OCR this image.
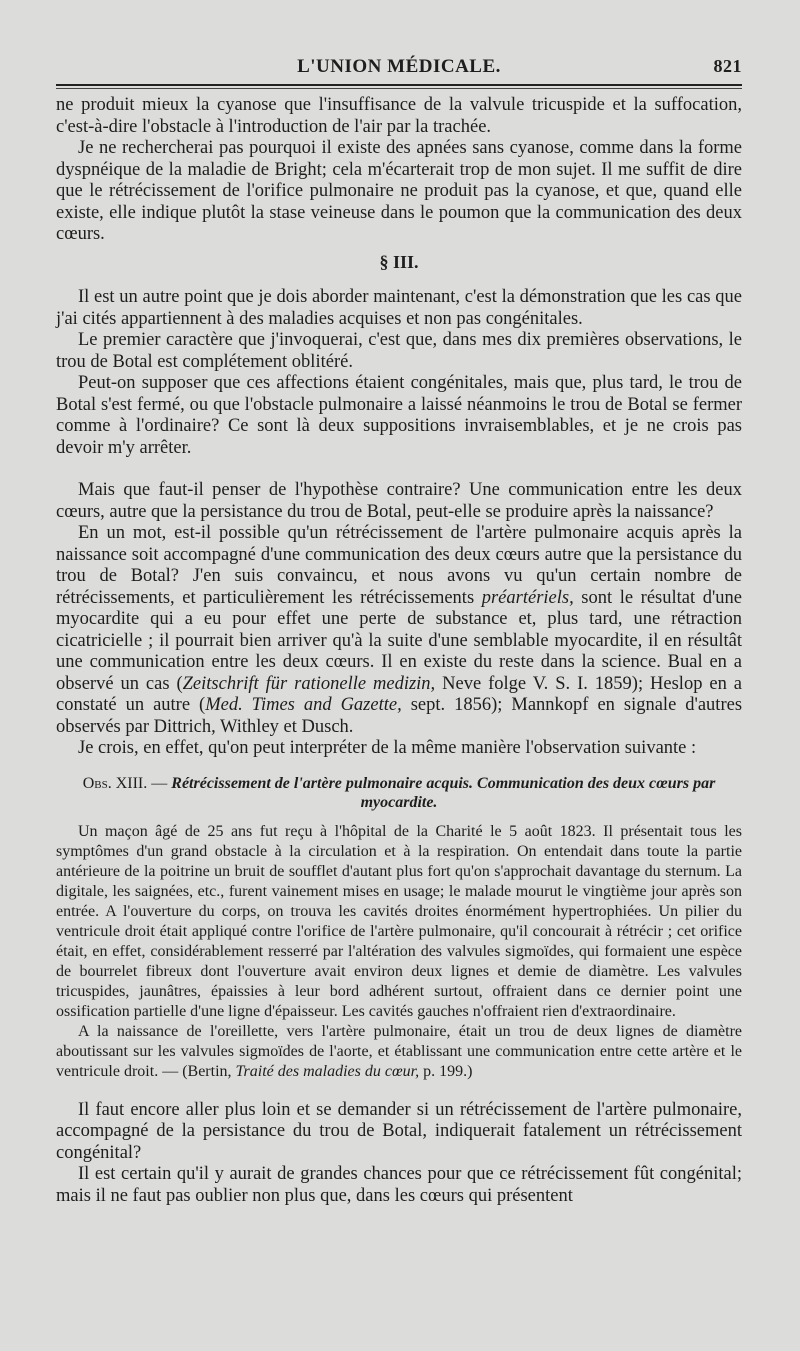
L'UNION MÉDICALE.	821

ne produit mieux la cyanose que l'insuffisance de la valvule tricuspide et la suffocation, c'est-à-dire l'obstacle à l'introduction de l'air par la trachée.

Je ne rechercherai pas pourquoi il existe des apnées sans cyanose, comme dans la forme dyspnéique de la maladie de Bright; cela m'écarterait trop de mon sujet. Il me suffit de dire que le rétrécissement de l'orifice pulmonaire ne produit pas la cyanose, et que, quand elle existe, elle indique plutôt la stase veineuse dans le poumon que la communication des deux cœurs.

§ III.

Il est un autre point que je dois aborder maintenant, c'est la démonstration que les cas que j'ai cités appartiennent à des maladies acquises et non pas congénitales.

Le premier caractère que j'invoquerai, c'est que, dans mes dix premières observations, le trou de Botal est complétement oblitéré.

Peut-on supposer que ces affections étaient congénitales, mais que, plus tard, le trou de Botal s'est fermé, ou que l'obstacle pulmonaire a laissé néanmoins le trou de Botal se fermer comme à l'ordinaire? Ce sont là deux suppositions invraisemblables, et je ne crois pas devoir m'y arrêter.

Mais que faut-il penser de l'hypothèse contraire? Une communication entre les deux cœurs, autre que la persistance du trou de Botal, peut-elle se produire après la naissance?

En un mot, est-il possible qu'un rétrécissement de l'artère pulmonaire acquis après la naissance soit accompagné d'une communication des deux cœurs autre que la persistance du trou de Botal? J'en suis convaincu, et nous avons vu qu'un certain nombre de rétrécissements, et particulièrement les rétrécissements préartériels, sont le résultat d'une myocardite qui a eu pour effet une perte de substance et, plus tard, une rétraction cicatricielle ; il pourrait bien arriver qu'à la suite d'une semblable myocardite, il en résultât une communication entre les deux cœurs. Il en existe du reste dans la science. Bual en a observé un cas (Zeitschrift für rationelle medizin, Neve folge V. S. I. 1859); Heslop en a constaté un autre (Med. Times and Gazette, sept. 1856); Mannkopf en signale d'autres observés par Dittrich, Withley et Dusch.

Je crois, en effet, qu'on peut interpréter de la même manière l'observation suivante :

Obs. XIII. — Rétrécissement de l'artère pulmonaire acquis. Communication des deux cœurs par myocardite.

Un maçon âgé de 25 ans fut reçu à l'hôpital de la Charité le 5 août 1823. Il présentait tous les symptômes d'un grand obstacle à la circulation et à la respiration. On entendait dans toute la partie antérieure de la poitrine un bruit de soufflet d'autant plus fort qu'on s'approchait davantage du sternum. La digitale, les saignées, etc., furent vainement mises en usage; le malade mourut le vingtième jour après son entrée. A l'ouverture du corps, on trouva les cavités droites énormément hypertrophiées. Un pilier du ventricule droit était appliqué contre l'orifice de l'artère pulmonaire, qu'il concourait à rétrécir ; cet orifice était, en effet, considérablement resserré par l'altération des valvules sigmoïdes, qui formaient une espèce de bourrelet fibreux dont l'ouverture avait environ deux lignes et demie de diamètre. Les valvules tricuspides, jaunâtres, épaissies à leur bord adhérent surtout, offraient dans ce dernier point une ossification partielle d'une ligne d'épaisseur. Les cavités gauches n'offraient rien d'extraordinaire.

A la naissance de l'oreillette, vers l'artère pulmonaire, était un trou de deux lignes de diamètre aboutissant sur les valvules sigmoïdes de l'aorte, et établissant une communication entre cette artère et le ventricule droit. — (Bertin, Traité des maladies du cœur, p. 199.)

Il faut encore aller plus loin et se demander si un rétrécissement de l'artère pulmonaire, accompagné de la persistance du trou de Botal, indiquerait fatalement un rétrécissement congénital?

Il est certain qu'il y aurait de grandes chances pour que ce rétrécissement fût congénital; mais il ne faut pas oublier non plus que, dans les cœurs qui présentent
